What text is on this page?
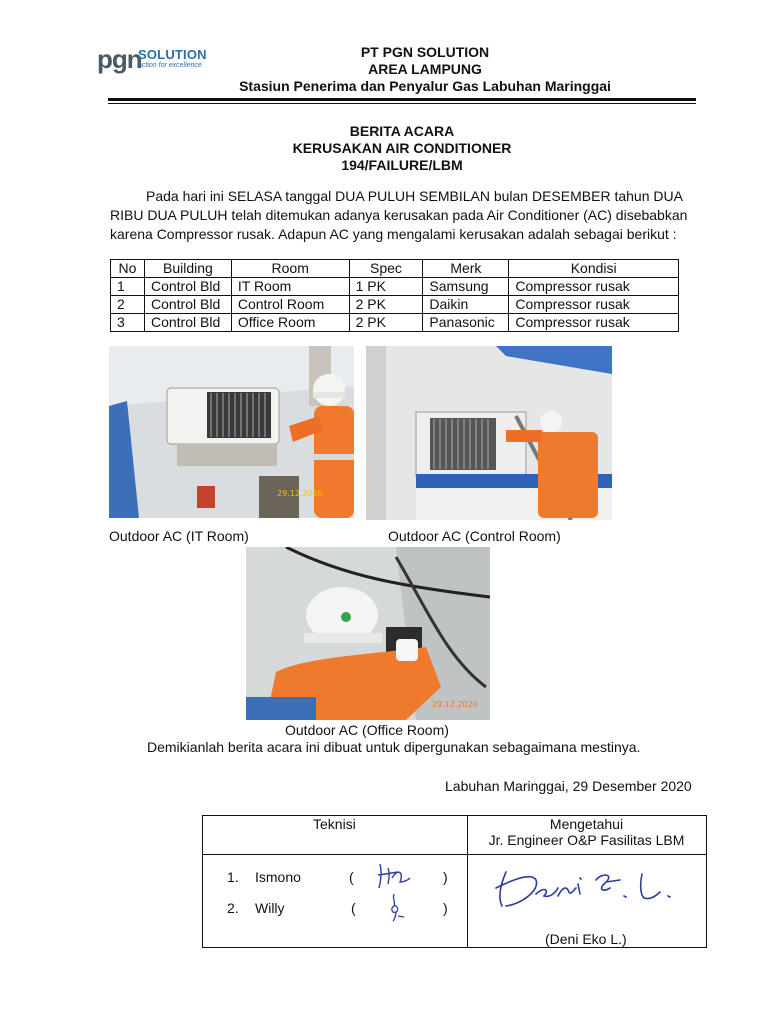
pgn
SOLUTION
action for excellence
PT PGN SOLUTION
AREA LAMPUNG
Stasiun Penerima dan Penyalur Gas Labuhan Maringgai
BERITA ACARA
KERUSAKAN AIR CONDITIONER
194/FAILURE/LBM
Pada hari ini SELASA tanggal DUA PULUH SEMBILAN bulan DESEMBER tahun DUA
RIBU DUA PULUH telah ditemukan adanya kerusakan pada Air Conditioner (AC) disebabkan
karena Compressor rusak. Adapun AC yang mengalami kerusakan adalah sebagai berikut :
No	Building	Room	Spec	Merk	Kondisi
1	Control Bld	IT Room	1 PK	Samsung	Compressor rusak
2	Control Bld	Control Room	2 PK	Daikin	Compressor rusak
3	Control Bld	Office Room	2 PK	Panasonic	Compressor rusak
29.12.2020
Outdoor AC (IT Room)	Outdoor AC (Control Room)
29.12.2020
Outdoor AC (Office Room)
Demikianlah berita acara ini dibuat untuk dipergunakan sebagaimana mestinya.
Labuhan Maringgai, 29 Desember 2020
Teknisi	Mengetahui
Jr. Engineer O&P Fasilitas LBM
1. Ismono	(	)
2. Willy	(	)
(Deni Eko L.)
